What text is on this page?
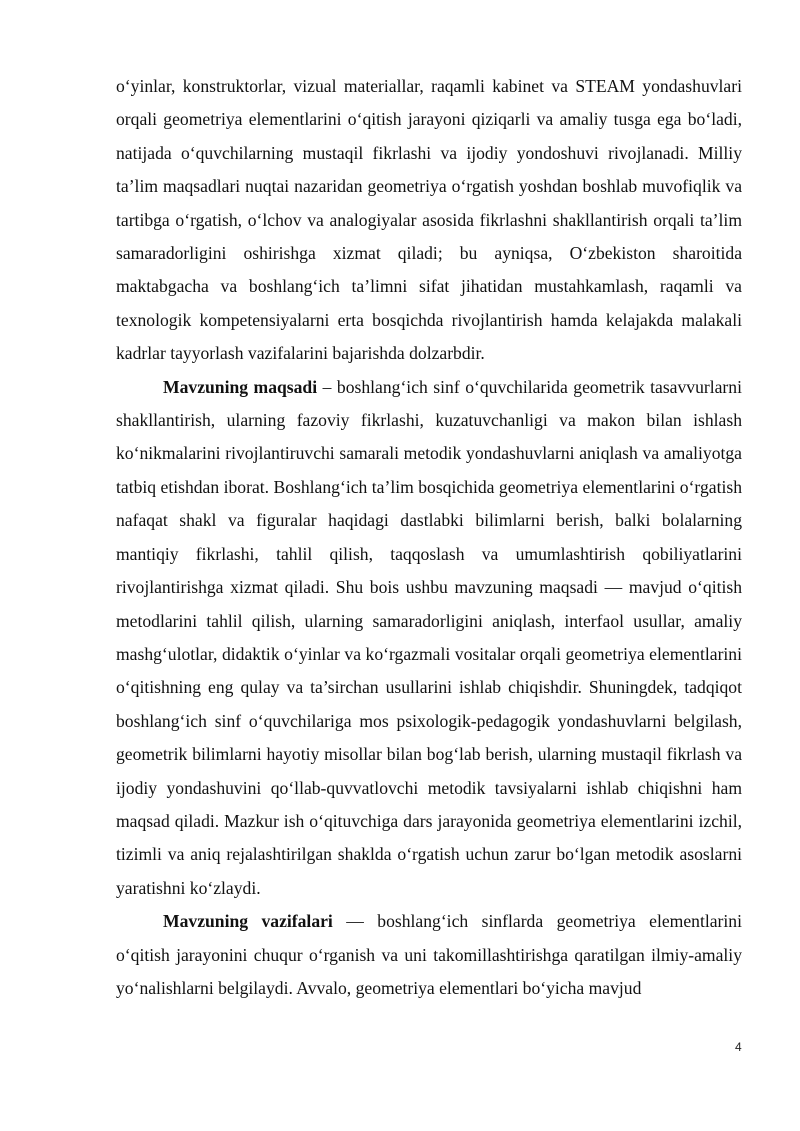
o‘yinlar, konstruktorlar, vizual materiallar, raqamli kabinet va STEAM yondashuvlari orqali geometriya elementlarini o‘qitish jarayoni qiziqarli va amaliy tusga ega bo‘ladi, natijada o‘quvchilarning mustaqil fikrlashi va ijodiy yondoshuvi rivojlanadi. Milliy ta’lim maqsadlari nuqtai nazaridan geometriya o‘rgatish yoshdan boshlab muvofiqlik va tartibga o‘rgatish, o‘lchov va analogiyalar asosida fikrlashni shakllantirish orqali ta’lim samaradorligini oshirishga xizmat qiladi; bu ayniqsa, O‘zbekiston sharoitida maktabgacha va boshlang‘ich ta’limni sifat jihatidan mustahkamlash, raqamli va texnologik kompetensiyalarni erta bosqichda rivojlantirish hamda kelajakda malakali kadrlar tayyorlash vazifalarini bajarishda dolzarbdir.

Mavzuning maqsadi – boshlang‘ich sinf o‘quvchilarida geometrik tasavvurlarni shakllantirish, ularning fazoviy fikrlashi, kuzatuvchanligi va makon bilan ishlash ko‘nikmalarini rivojlantiruvchi samarali metodik yondashuvlarni aniqlash va amaliyotga tatbiq etishdan iborat. Boshlang‘ich ta’lim bosqichida geometriya elementlarini o‘rgatish nafaqat shakl va figuralar haqidagi dastlabki bilimlarni berish, balki bolalarning mantiqiy fikrlashi, tahlil qilish, taqqoslash va umumlashtirish qobiliyatlarini rivojlantirishga xizmat qiladi. Shu bois ushbu mavzuning maqsadi — mavjud o‘qitish metodlarini tahlil qilish, ularning samaradorligini aniqlash, interfaol usullar, amaliy mashg‘ulotlar, didaktik o‘yinlar va ko‘rgazmali vositalar orqali geometriya elementlarini o‘qitishning eng qulay va ta’sirchan usullarini ishlab chiqishdir. Shuningdek, tadqiqot boshlang‘ich sinf o‘quvchilariga mos psixologik-pedagogik yondashuvlarni belgilash, geometrik bilimlarni hayotiy misollar bilan bog‘lab berish, ularning mustaqil fikrlash va ijodiy yondashuvini qo‘llab-quvvatlovchi metodik tavsiyalarni ishlab chiqishni ham maqsad qiladi. Mazkur ish o‘qituvchiga dars jarayonida geometriya elementlarini izchil, tizimli va aniq rejalashtirilgan shaklda o‘rgatish uchun zarur bo‘lgan metodik asoslarni yaratishni ko‘zlaydi.

Mavzuning vazifalari — boshlang‘ich sinflarda geometriya elementlarini o‘qitish jarayonini chuqur o‘rganish va uni takomillashtirishga qaratilgan ilmiy-amaliy yo‘nalishlarni belgilaydi. Avvalo, geometriya elementlari bo‘yicha mavjud

4
